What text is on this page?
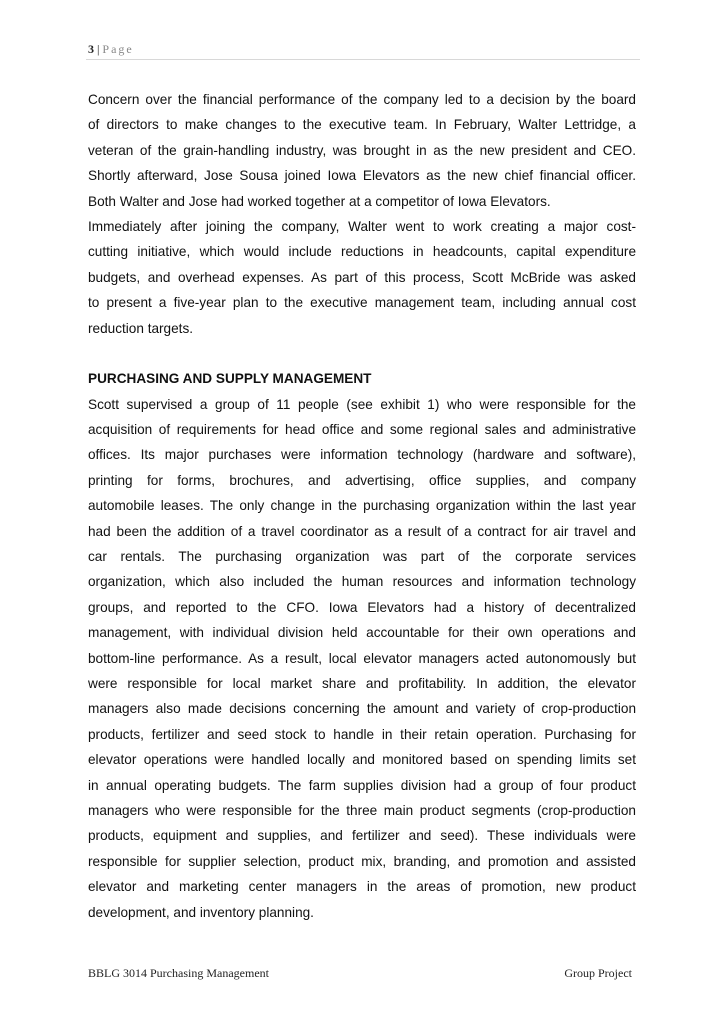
3 | Page
Concern over the financial performance of the company led to a decision by the board
of directors to make changes to the executive team. In February, Walter Lettridge, a
veteran of the grain-handling industry, was brought in as the new president and CEO.
Shortly afterward, Jose Sousa joined Iowa Elevators as the new chief financial officer.
Both Walter and Jose had worked together at a competitor of Iowa Elevators.
Immediately after joining the company, Walter went to work creating a major cost-
cutting initiative, which would include reductions in headcounts, capital expenditure
budgets, and overhead expenses. As part of this process, Scott McBride was asked
to present a five-year plan to the executive management team, including annual cost
reduction targets.
PURCHASING AND SUPPLY MANAGEMENT
Scott supervised a group of 11 people (see exhibit 1) who were responsible for the
acquisition of requirements for head office and some regional sales and administrative
offices. Its major purchases were information technology (hardware and software),
printing for forms, brochures, and advertising, office supplies, and company
automobile leases. The only change in the purchasing organization within the last year
had been the addition of a travel coordinator as a result of a contract for air travel and
car rentals. The purchasing organization was part of the corporate services
organization, which also included the human resources and information technology
groups, and reported to the CFO. Iowa Elevators had a history of decentralized
management, with individual division held accountable for their own operations and
bottom-line performance. As a result, local elevator managers acted autonomously but
were responsible for local market share and profitability. In addition, the elevator
managers also made decisions concerning the amount and variety of crop-production
products, fertilizer and seed stock to handle in their retain operation. Purchasing for
elevator operations were handled locally and monitored based on spending limits set
in annual operating budgets. The farm supplies division had a group of four product
managers who were responsible for the three main product segments (crop-production
products, equipment and supplies, and fertilizer and seed). These individuals were
responsible for supplier selection, product mix, branding, and promotion and assisted
elevator and marketing center managers in the areas of promotion, new product
development, and inventory planning.
BBLG 3014 Purchasing Management	Group Project
